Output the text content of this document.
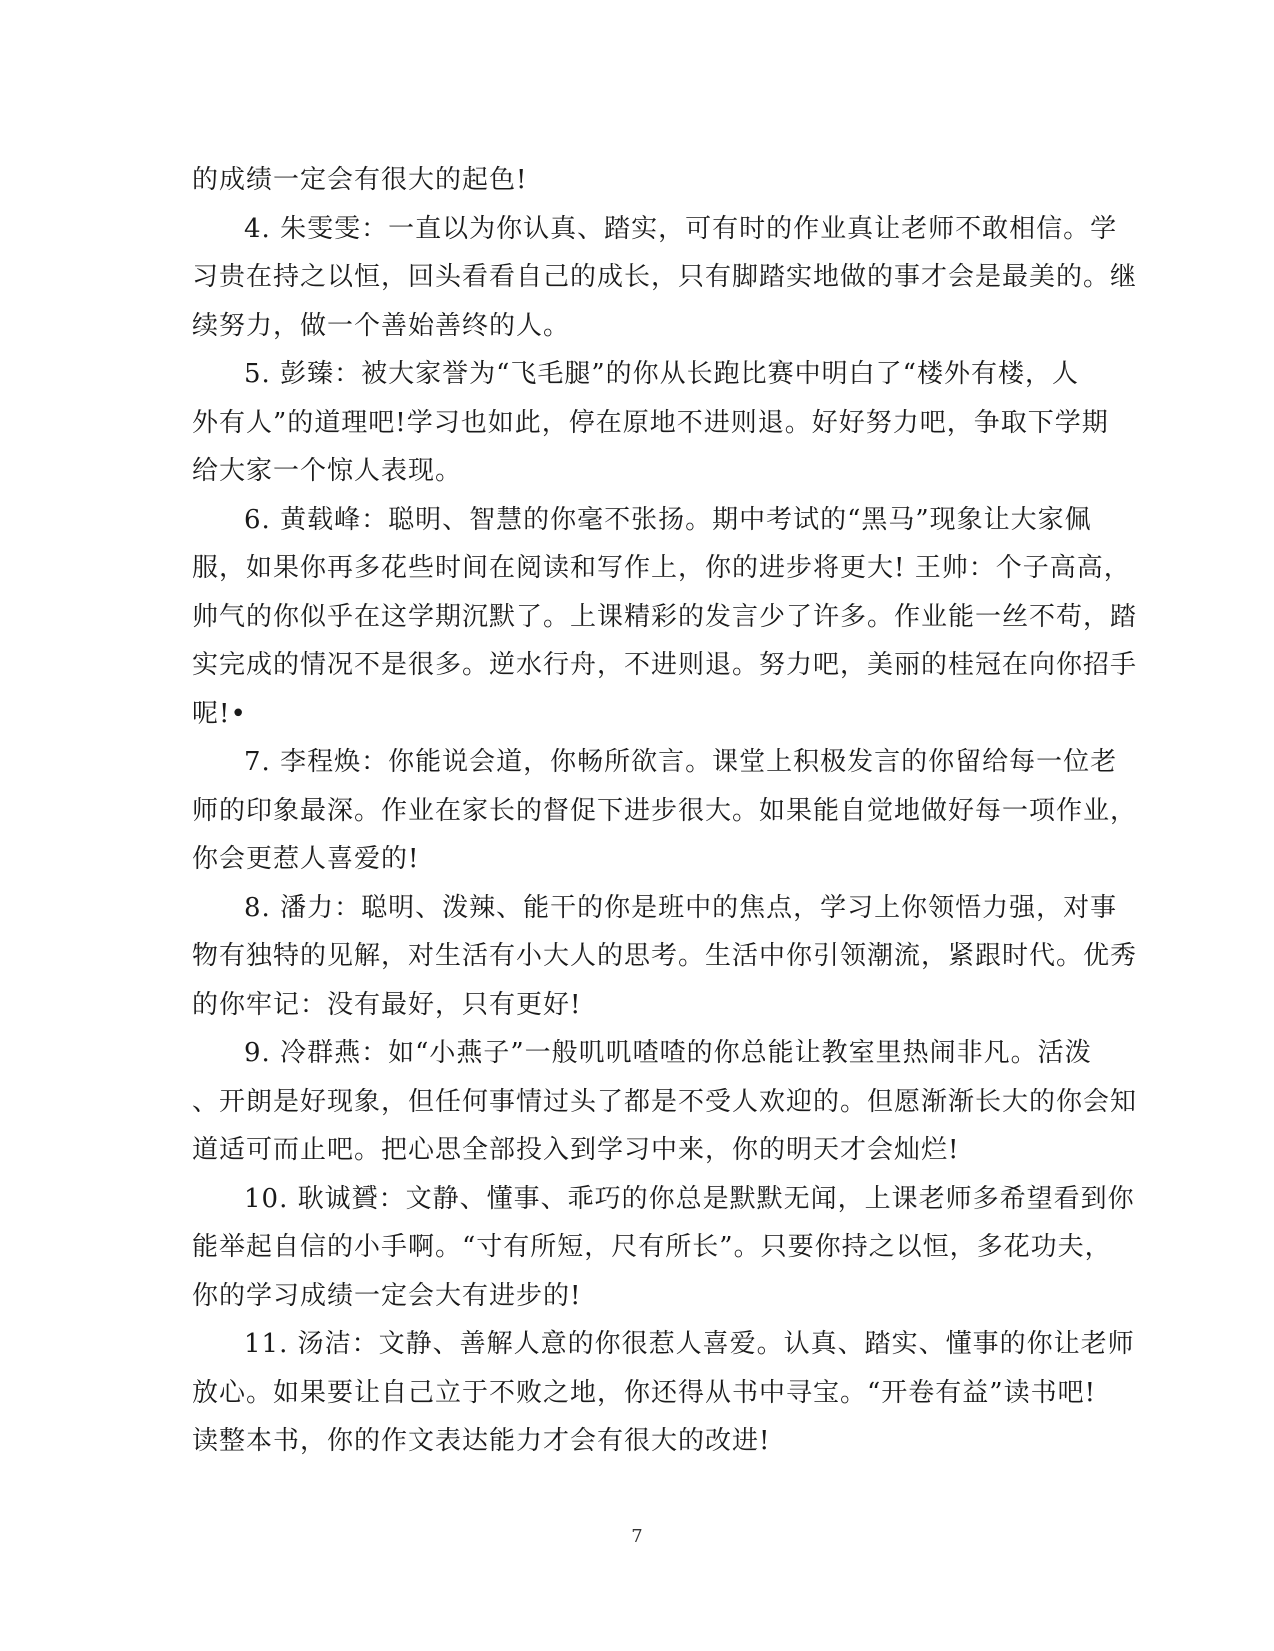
的成绩一定会有很大的起色!
4. 朱雯雯：一直以为你认真、踏实，可有时的作业真让老师不敢相信。学
习贵在持之以恒，回头看看自己的成长，只有脚踏实地做的事才会是最美的。继
续努力，做一个善始善终的人。
5. 彭臻：被大家誉为“飞毛腿”的你从长跑比赛中明白了“楼外有楼，人
外有人”的道理吧!学习也如此，停在原地不进则退。好好努力吧，争取下学期
给大家一个惊人表现。
6. 黄载峰：聪明、智慧的你毫不张扬。期中考试的“黑马”现象让大家佩
服，如果你再多花些时间在阅读和写作上，你的进步将更大! 王帅：个子高高，
帅气的你似乎在这学期沉默了。上课精彩的发言少了许多。作业能一丝不苟，踏
实完成的情况不是很多。逆水行舟，不进则退。努力吧，美丽的桂冠在向你招手
呢!•
7. 李程焕：你能说会道，你畅所欲言。课堂上积极发言的你留给每一位老
师的印象最深。作业在家长的督促下进步很大。如果能自觉地做好每一项作业，
你会更惹人喜爱的!
8. 潘力：聪明、泼辣、能干的你是班中的焦点，学习上你领悟力强，对事
物有独特的见解，对生活有小大人的思考。生活中你引领潮流，紧跟时代。优秀
的你牢记：没有最好，只有更好!
9. 冷群燕：如“小燕子”一般叽叽喳喳的你总能让教室里热闹非凡。活泼
、开朗是好现象，但任何事情过头了都是不受人欢迎的。但愿渐渐长大的你会知
道适可而止吧。把心思全部投入到学习中来，你的明天才会灿烂!
10. 耿诚贇：文静、懂事、乖巧的你总是默默无闻，上课老师多希望看到你
能举起自信的小手啊。“寸有所短，尺有所长”。只要你持之以恒，多花功夫，
你的学习成绩一定会大有进步的!
11. 汤洁：文静、善解人意的你很惹人喜爱。认真、踏实、懂事的你让老师
放心。如果要让自己立于不败之地，你还得从书中寻宝。“开卷有益”读书吧!
读整本书，你的作文表达能力才会有很大的改进!
7
